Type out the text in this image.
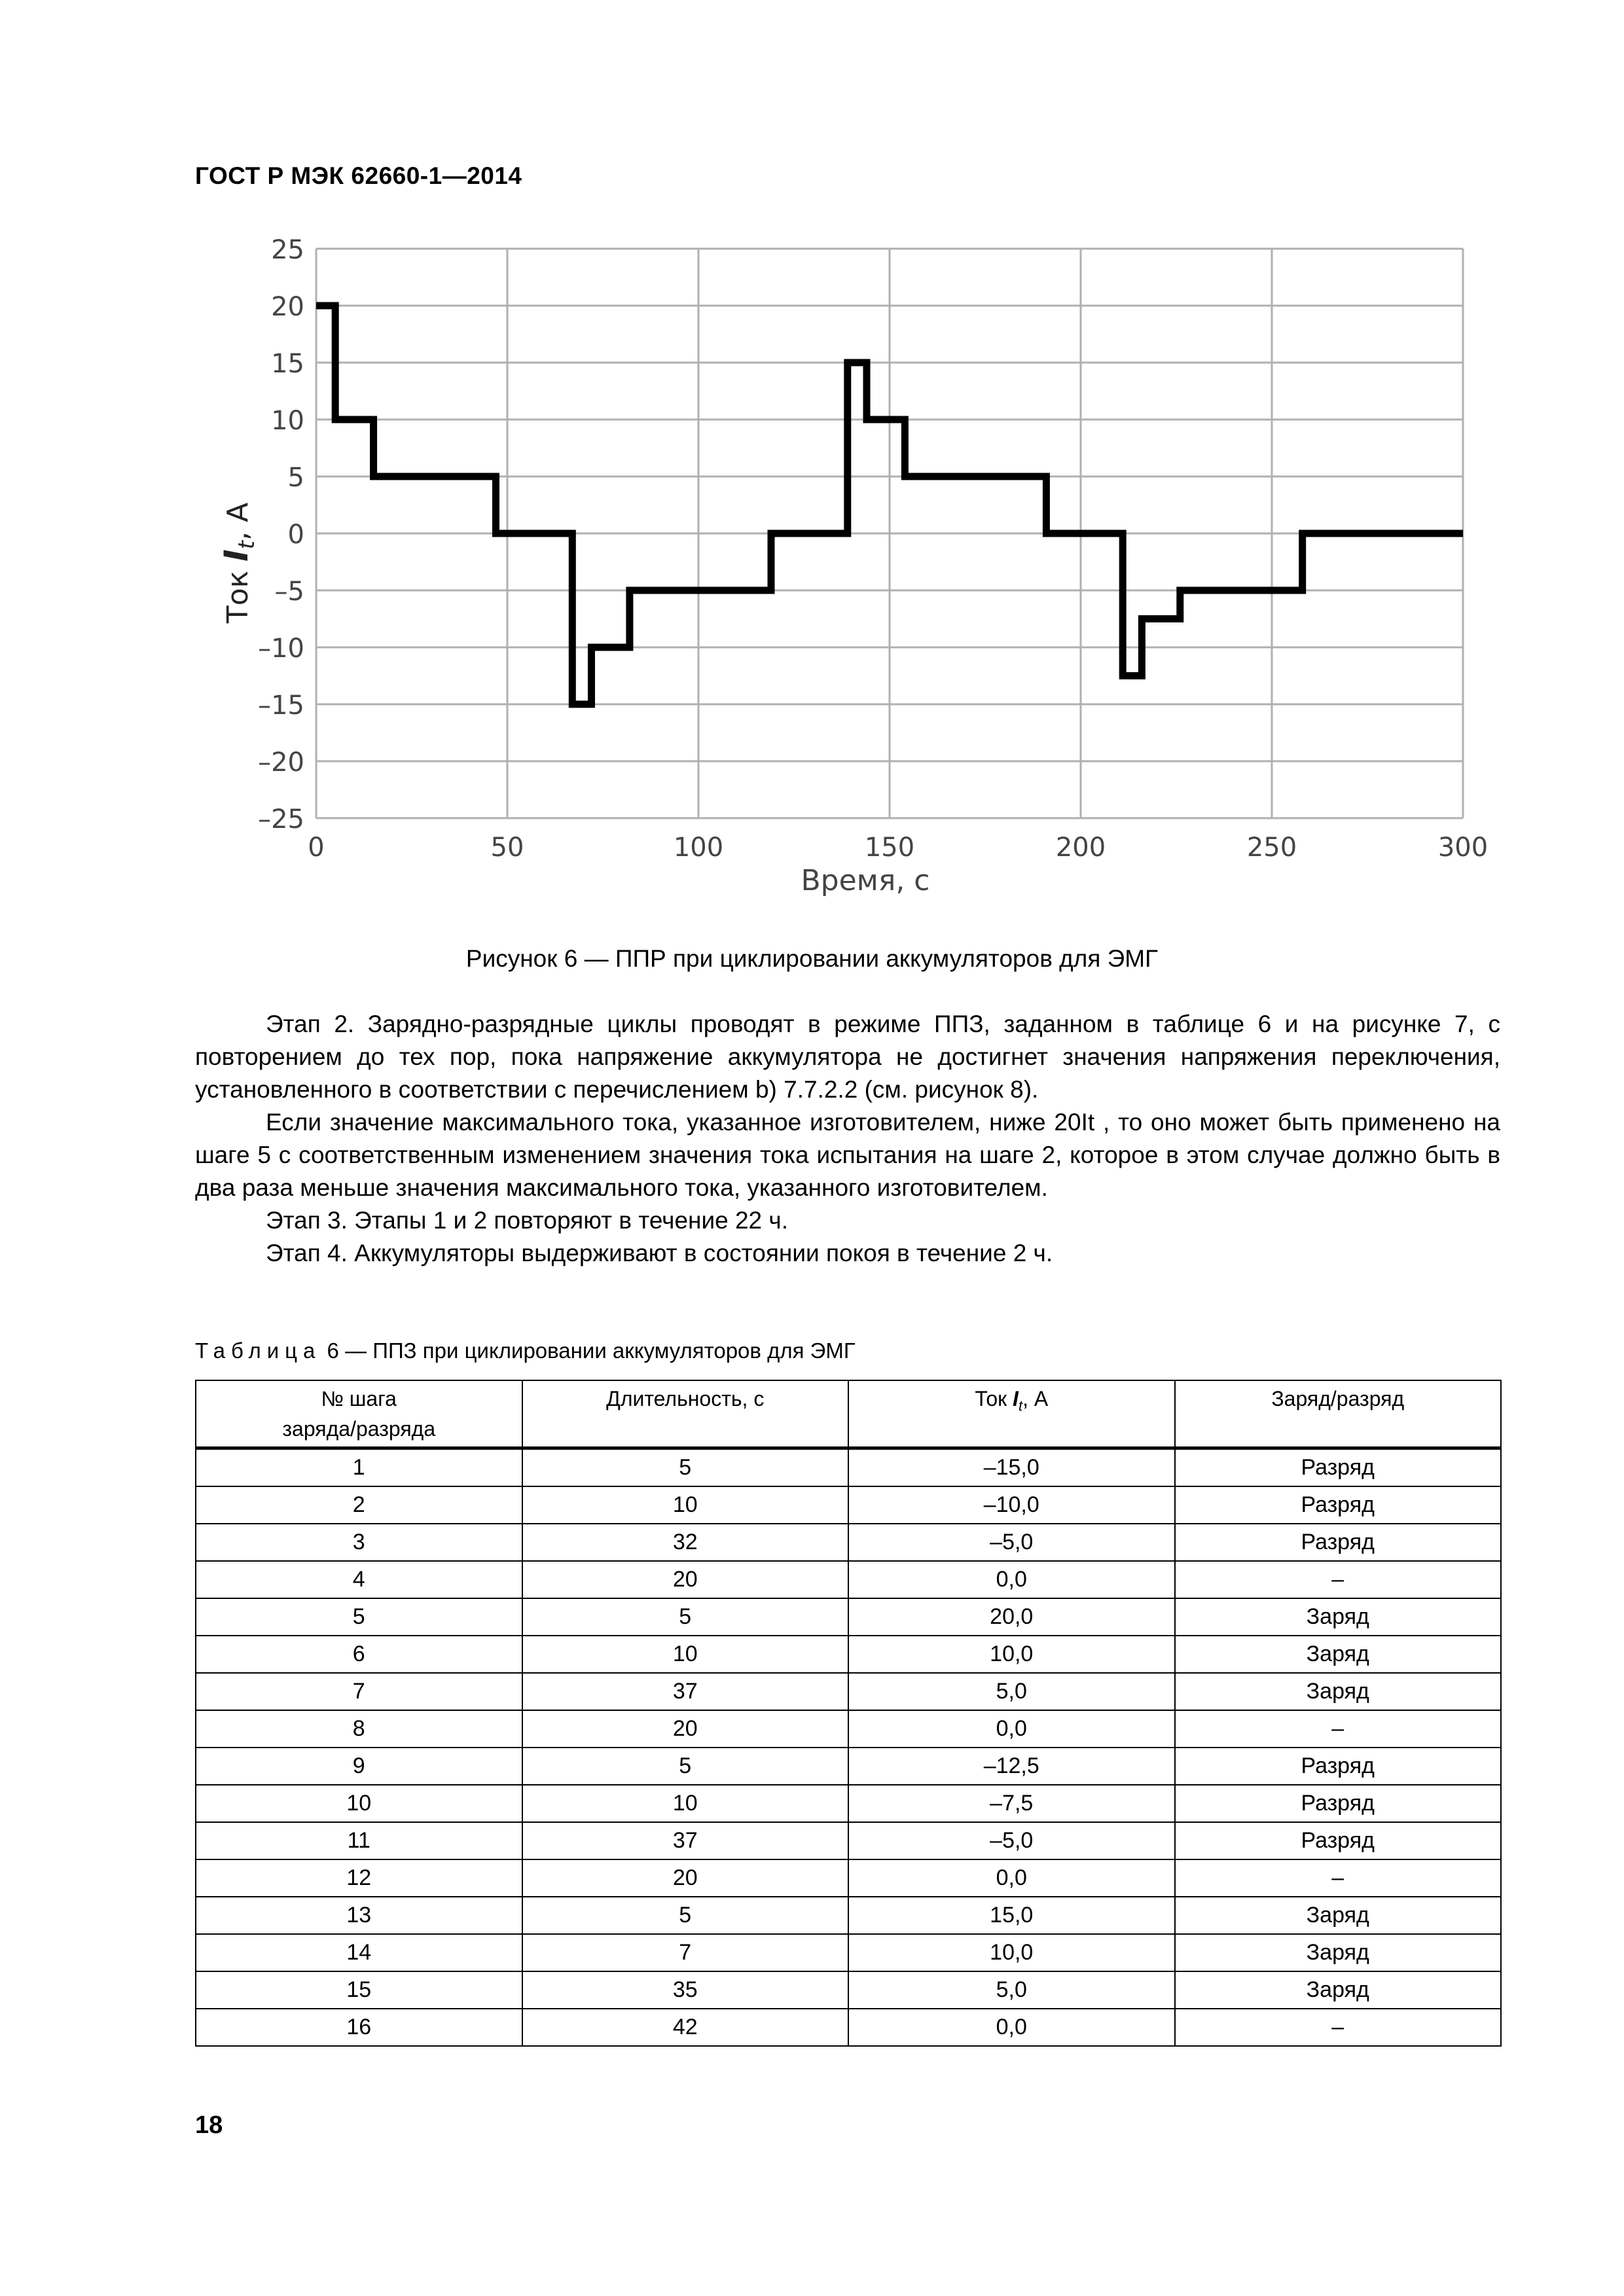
ГОСТ Р МЭК 62660-1—2014
25
20
15
10
5
0
–5
–10
–15
–20
–25
0	50	100	150	200	250	300
Время, с
Ток $I_t$, А
Рисунок 6 — ППР при циклировании аккумуляторов для ЭМГ

Этап 2. Зарядно-разрядные циклы проводят в режиме ППЗ, заданном в таблице 6 и на рисунке 7, с повторением до тех пор, пока напряжение аккумулятора не достигнет значения напряжения переключения, установленного в соответствии с перечислением b) 7.7.2.2 (см. рисунок 8).

Если значение максимального тока, указанное изготовителем, ниже 20It , то оно может быть применено на шаге 5 с соответственным изменением значения тока испытания на шаге 2, которое в этом случае должно быть в два раза меньше значения максимального тока, указанного изготовителем.

Этап 3. Этапы 1 и 2 повторяют в течение 22 ч.

Этап 4. Аккумуляторы выдерживают в состоянии покоя в течение 2 ч.

Таблица 6 — ППЗ при циклировании аккумуляторов для ЭМГ
№ шага
заряда/разряда	Длительность, с	Ток $I_t$, А	Заряд/разряд
1	5	–15,0	Разряд
2	10	–10,0	Разряд
3	32	–5,0	Разряд
4	20	0,0	–
5	5	20,0	Заряд
6	10	10,0	Заряд
7	37	5,0	Заряд
8	20	0,0	–
9	5	–12,5	Разряд
10	10	–7,5	Разряд
11	37	–5,0	Разряд
12	20	0,0	–
13	5	15,0	Заряд
14	7	10,0	Заряд
15	35	5,0	Заряд
16	42	0,0	–
18
